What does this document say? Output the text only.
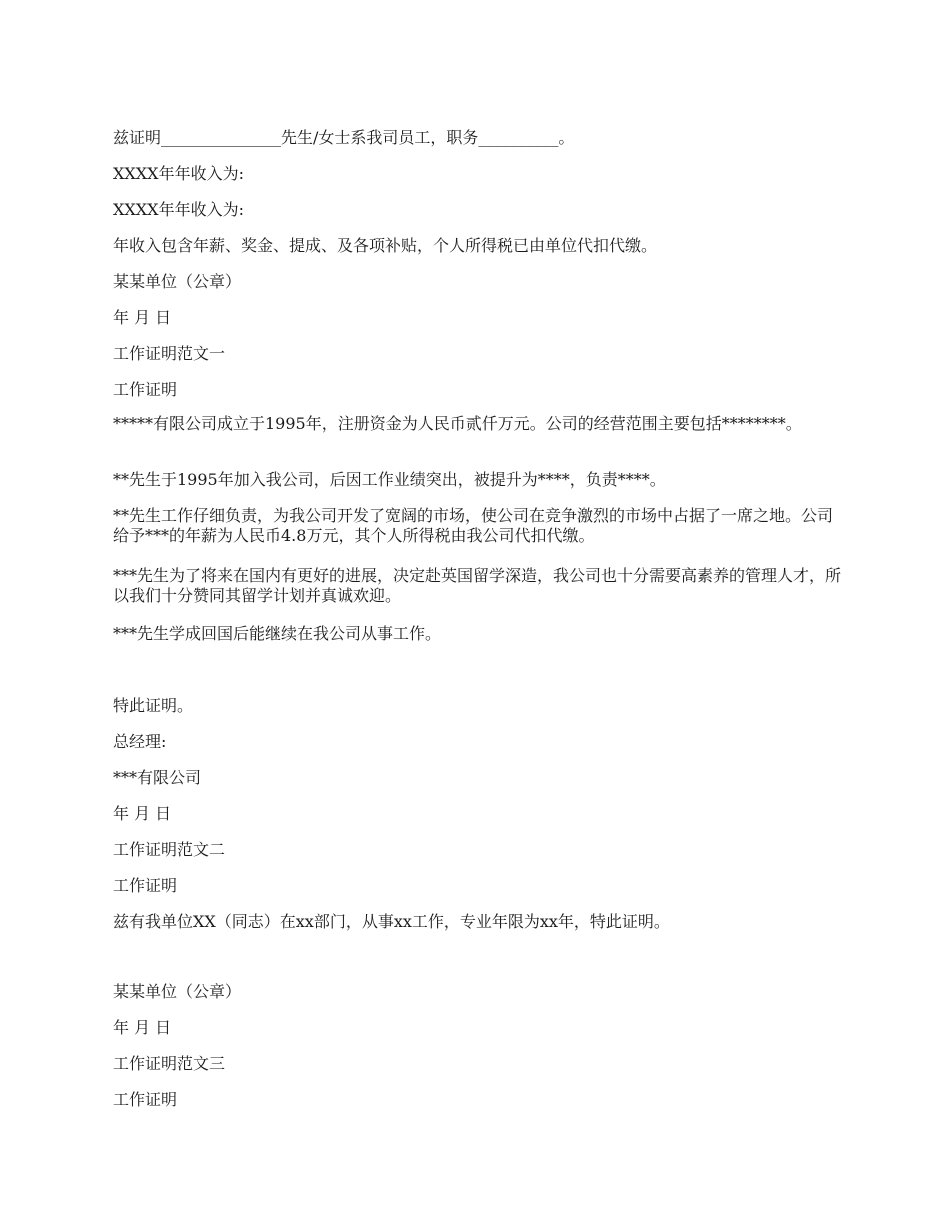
兹证明_______________先生/女士系我司员工，职务__________。
XXXX年年收入为:
XXXX年年收入为:
年收入包含年薪、奖金、提成、及各项补贴，个人所得税已由单位代扣代缴。
某某单位（公章）
年 月 日
工作证明范文一
工作证明
*****有限公司成立于1995年，注册资金为人民币贰仟万元。公司的经营范围主要包括********。
**先生于1995年加入我公司，后因工作业绩突出，被提升为****，负责****。
**先生工作仔细负责，为我公司开发了宽阔的市场，使公司在竞争激烈的市场中占据了一席之地。公司给予***的年薪为人民币4.8万元，其个人所得税由我公司代扣代缴。
***先生为了将来在国内有更好的进展，决定赴英国留学深造，我公司也十分需要高素养的管理人才，所以我们十分赞同其留学计划并真诚欢迎。
***先生学成回国后能继续在我公司从事工作。
特此证明。
总经理:
***有限公司
年 月 日
工作证明范文二
工作证明
兹有我单位XX（同志）在xx部门，从事xx工作，专业年限为xx年，特此证明。
某某单位（公章）
年 月 日
工作证明范文三
工作证明
